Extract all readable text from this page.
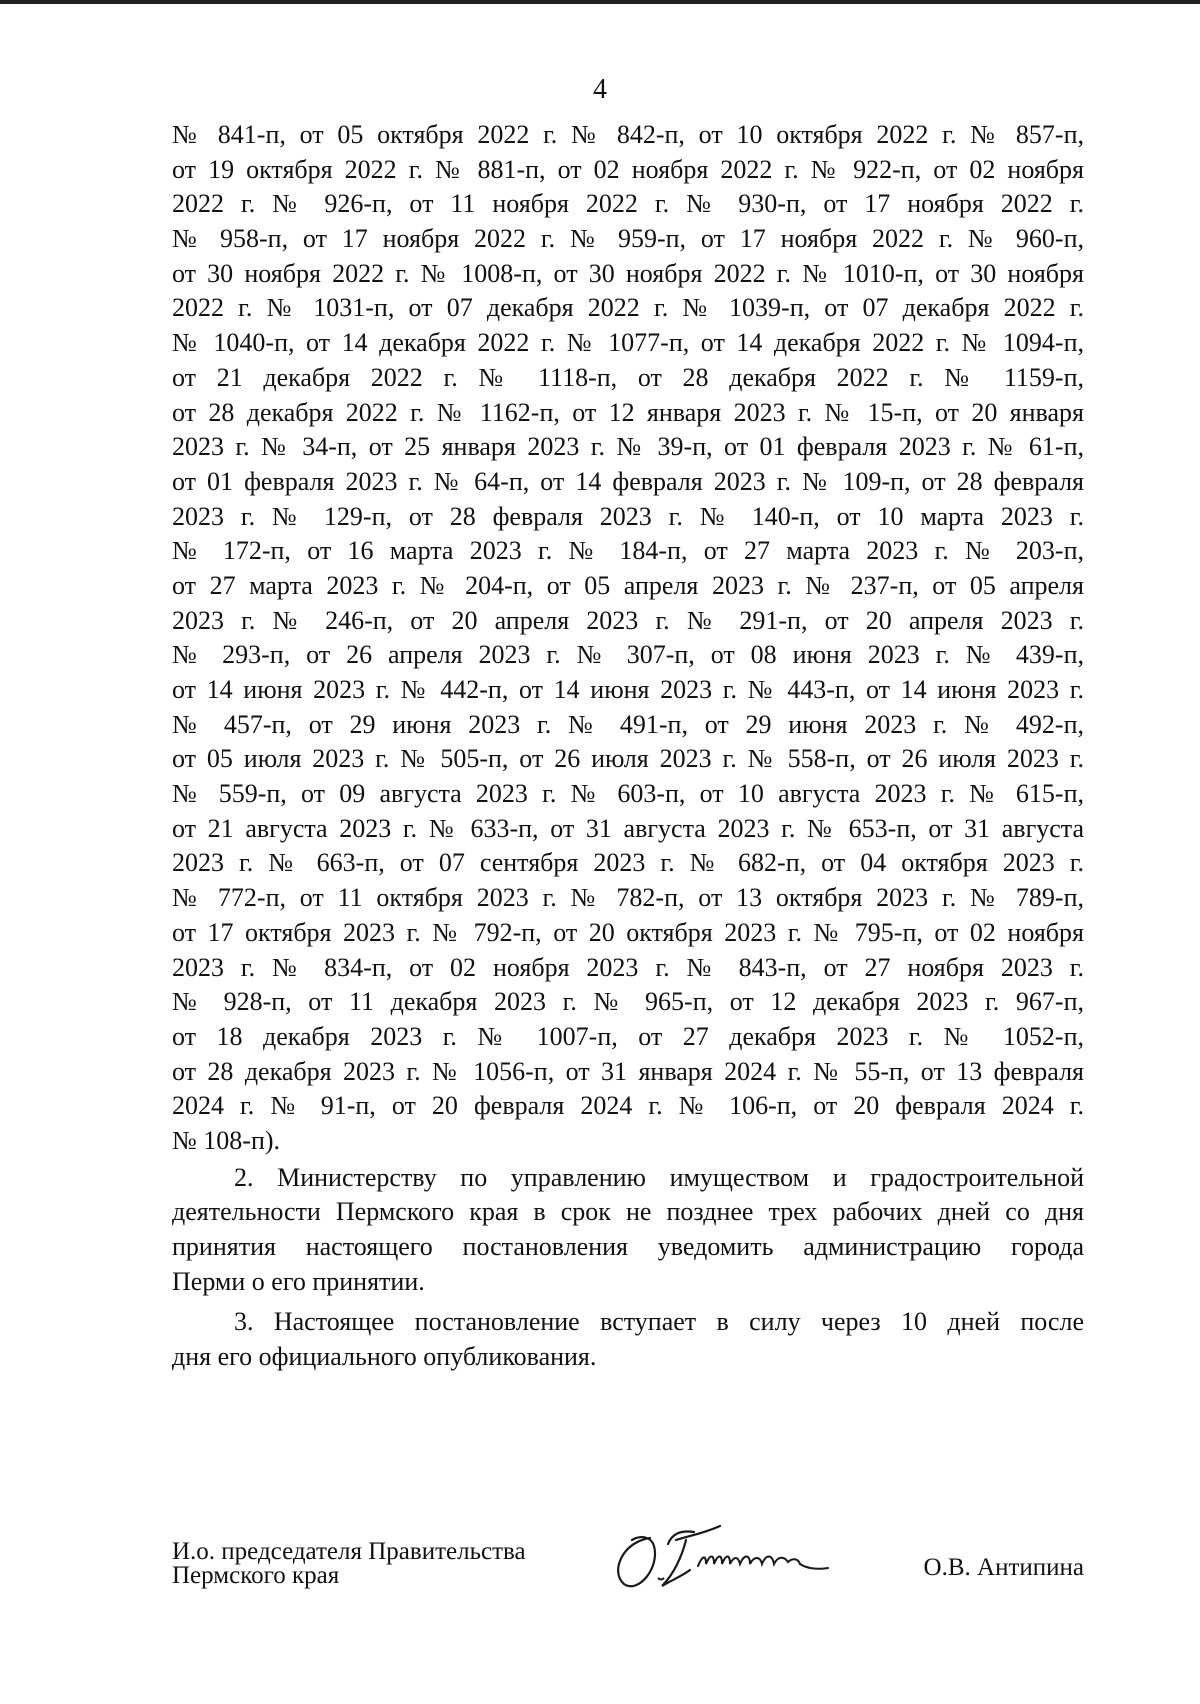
4
№ 841-п, от 05 октября 2022 г. № 842-п, от 10 октября 2022 г. № 857-п,
от 19 октября 2022 г. № 881-п, от 02 ноября 2022 г. № 922-п, от 02 ноября
2022 г. № 926-п, от 11 ноября 2022 г. № 930-п, от 17 ноября 2022 г.
№ 958-п, от 17 ноября 2022 г. № 959-п, от 17 ноября 2022 г. № 960-п,
от 30 ноября 2022 г. № 1008-п, от 30 ноября 2022 г. № 1010-п, от 30 ноября
2022 г. № 1031-п, от 07 декабря 2022 г. № 1039-п, от 07 декабря 2022 г.
№ 1040-п, от 14 декабря 2022 г. № 1077-п, от 14 декабря 2022 г. № 1094-п,
от 21 декабря 2022 г. № 1118-п, от 28 декабря 2022 г. № 1159-п,
от 28 декабря 2022 г. № 1162-п, от 12 января 2023 г. № 15-п, от 20 января
2023 г. № 34-п, от 25 января 2023 г. № 39-п, от 01 февраля 2023 г. № 61-п,
от 01 февраля 2023 г. № 64-п, от 14 февраля 2023 г. № 109-п, от 28 февраля
2023 г. № 129-п, от 28 февраля 2023 г. № 140-п, от 10 марта 2023 г.
№ 172-п, от 16 марта 2023 г. № 184-п, от 27 марта 2023 г. № 203-п,
от 27 марта 2023 г. № 204-п, от 05 апреля 2023 г. № 237-п, от 05 апреля
2023 г. № 246-п, от 20 апреля 2023 г. № 291-п, от 20 апреля 2023 г.
№ 293-п, от 26 апреля 2023 г. № 307-п, от 08 июня 2023 г. № 439-п,
от 14 июня 2023 г. № 442-п, от 14 июня 2023 г. № 443-п, от 14 июня 2023 г.
№ 457-п, от 29 июня 2023 г. № 491-п, от 29 июня 2023 г. № 492-п,
от 05 июля 2023 г. № 505-п, от 26 июля 2023 г. № 558-п, от 26 июля 2023 г.
№ 559-п, от 09 августа 2023 г. № 603-п, от 10 августа 2023 г. № 615-п,
от 21 августа 2023 г. № 633-п, от 31 августа 2023 г. № 653-п, от 31 августа
2023 г. № 663-п, от 07 сентября 2023 г. № 682-п, от 04 октября 2023 г.
№ 772-п, от 11 октября 2023 г. № 782-п, от 13 октября 2023 г. № 789-п,
от 17 октября 2023 г. № 792-п, от 20 октября 2023 г. № 795-п, от 02 ноября
2023 г. № 834-п, от 02 ноября 2023 г. № 843-п, от 27 ноября 2023 г.
№ 928-п, от 11 декабря 2023 г. № 965-п, от 12 декабря 2023 г. 967-п,
от 18 декабря 2023 г. № 1007-п, от 27 декабря 2023 г. № 1052-п,
от 28 декабря 2023 г. № 1056-п, от 31 января 2024 г. № 55-п, от 13 февраля
2024 г. № 91-п, от 20 февраля 2024 г. № 106-п, от 20 февраля 2024 г.
№ 108-п).
2. Министерству по управлению имуществом и градостроительной
деятельности Пермского края в срок не позднее трех рабочих дней со дня
принятия настоящего постановления уведомить администрацию города
Перми о его принятии.
3. Настоящее постановление вступает в силу через 10 дней после
дня его официального опубликования.
И.о. председателя Правительства
Пермского края	О.В. Антипина
